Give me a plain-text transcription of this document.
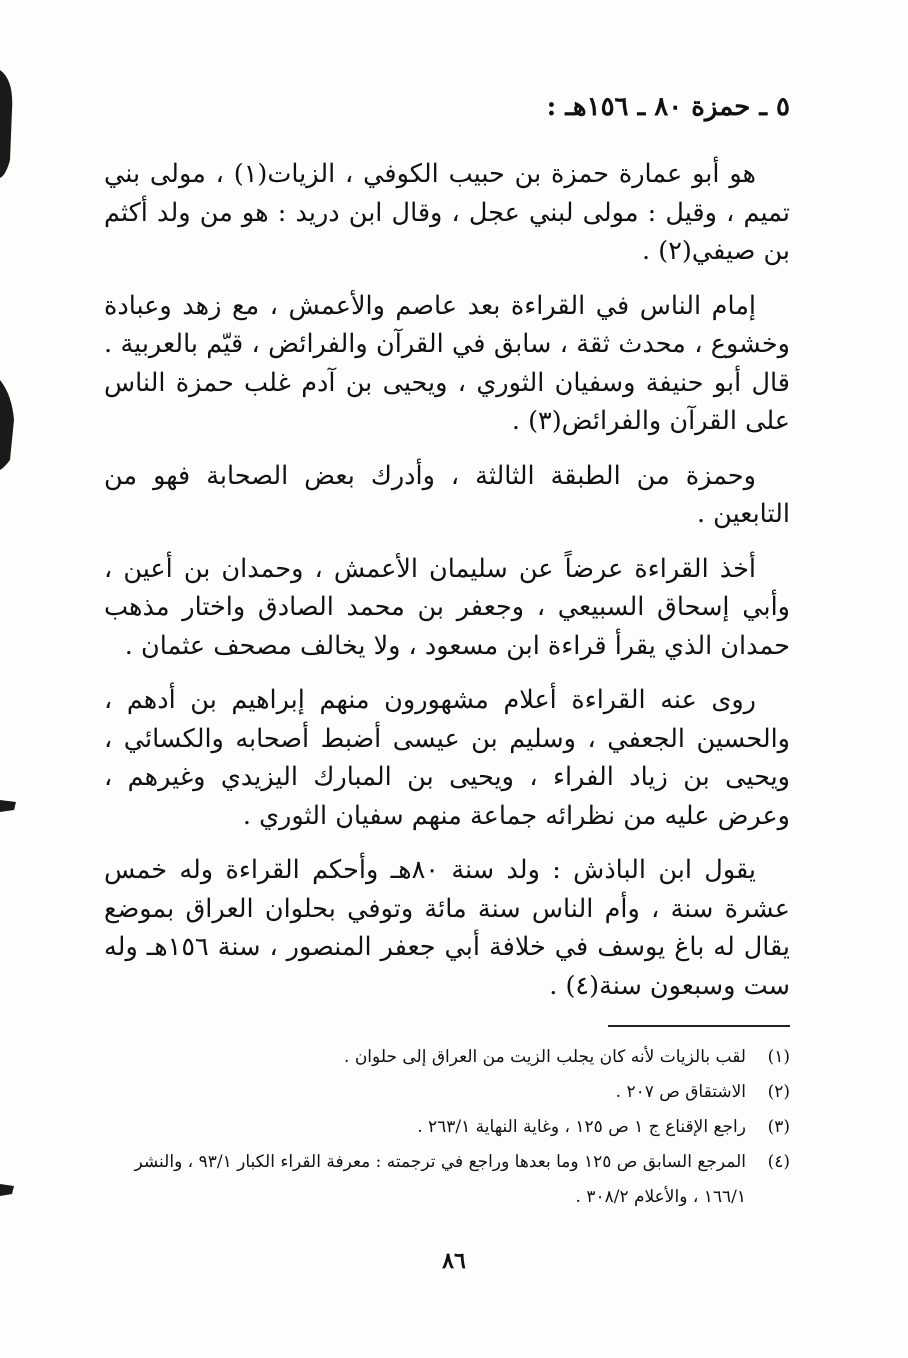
٥ ـ حمزة ٨٠ ـ ١٥٦هـ :

هو أبو عمارة حمزة بن حبيب الكوفي ، الزيات(١) ، مولى بني تميم ، وقيل : مولى لبني عجل ، وقال ابن دريد : هو من ولد أكثم بن صيفي(٢) .

إمام الناس في القراءة بعد عاصم والأعمش ، مع زهد وعبادة وخشوع ، محدث ثقة ، سابق في القرآن والفرائض ، قيّم بالعربية . قال أبو حنيفة وسفيان الثوري ، ويحيى بن آدم غلب حمزة الناس على القرآن والفرائض(٣) .

وحمزة من الطبقة الثالثة ، وأدرك بعض الصحابة فهو من التابعين .

أخذ القراءة عرضاً عن سليمان الأعمش ، وحمدان بن أعين ، وأبي إسحاق السبيعي ، وجعفر بن محمد الصادق واختار مذهب حمدان الذي يقرأ قراءة ابن مسعود ، ولا يخالف مصحف عثمان .

روى عنه القراءة أعلام مشهورون منهم إبراهيم بن أدهم ، والحسين الجعفي ، وسليم بن عيسى أضبط أصحابه والكسائي ، ويحيى بن زياد الفراء ، ويحيى بن المبارك اليزيدي وغيرهم ، وعرض عليه من نظرائه جماعة منهم سفيان الثوري .

يقول ابن الباذش : ولد سنة ٨٠هـ وأحكم القراءة وله خمس عشرة سنة ، وأم الناس سنة مائة وتوفي بحلوان العراق بموضع يقال له باغ يوسف في خلافة أبي جعفر المنصور ، سنة ١٥٦هـ وله ست وسبعون سنة(٤) .

(١)
لقب بالزيات لأنه كان يجلب الزيت من العراق إلى حلوان .
(٢)
الاشتقاق ص ٢٠٧ .
(٣)
راجع الإقناع ج ١ ص ١٢٥ ، وغاية النهاية ٢٦٣/١ .
(٤)
المرجع السابق ص ١٢٥ وما بعدها وراجع في ترجمته : معرفة القراء الكبار ٩٣/١ ، والنشر ١٦٦/١ ، والأعلام ٣٠٨/٢ .
٨٦
